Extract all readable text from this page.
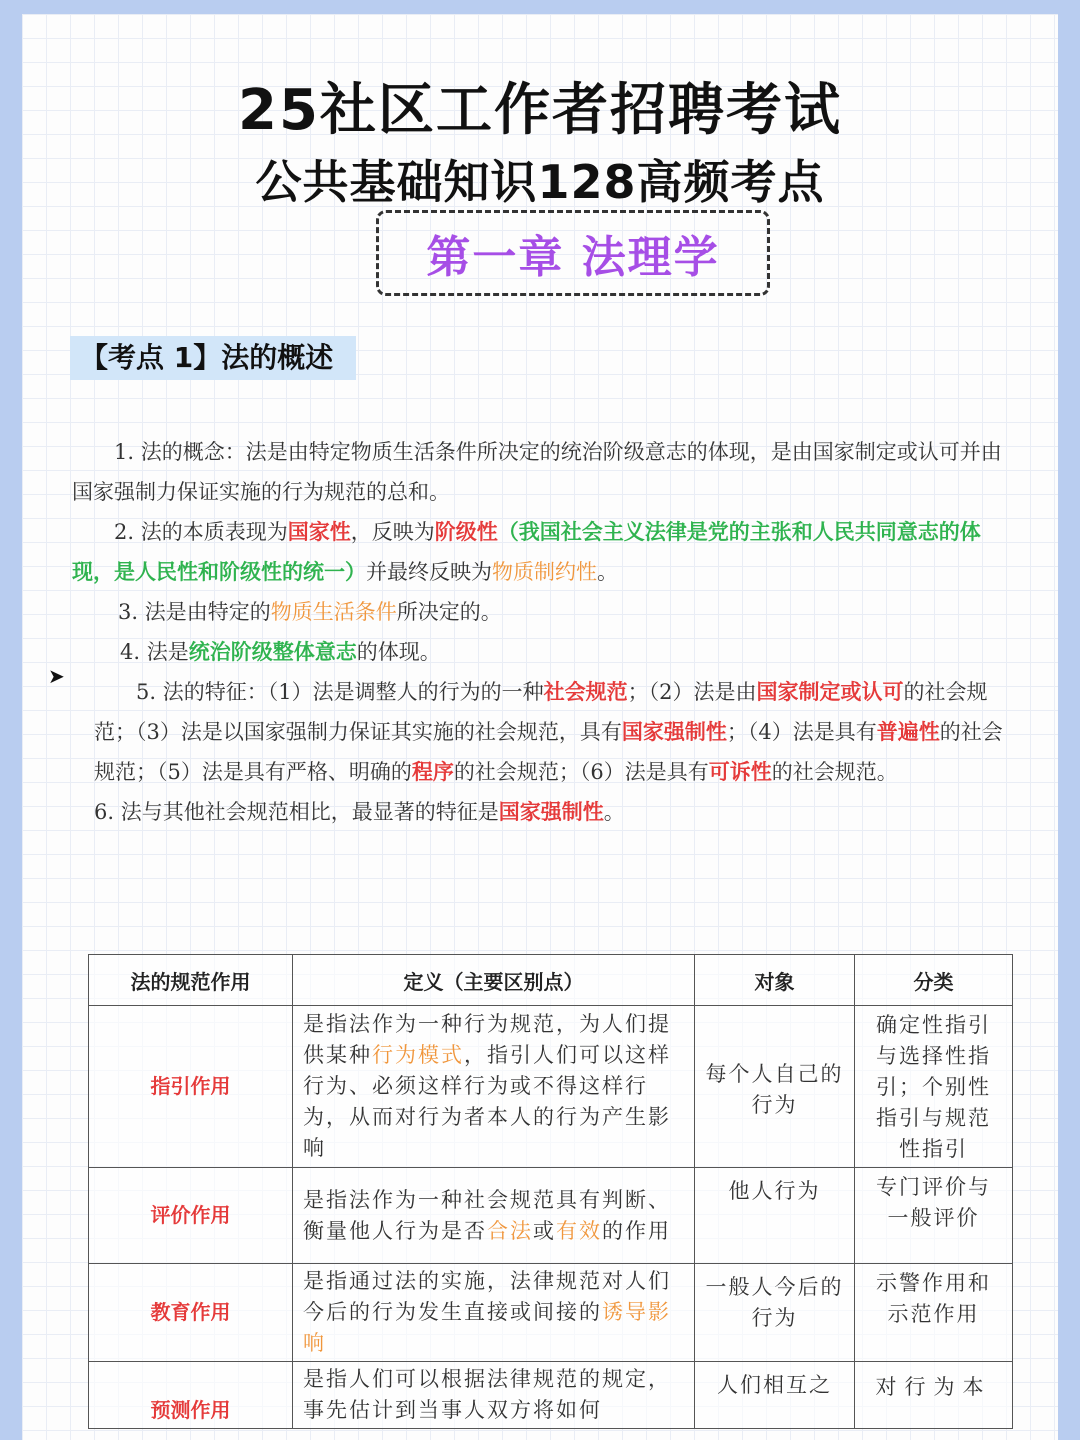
25社区工作者招聘考试
公共基础知识128高频考点
第一章 法理学
【考点 1】法的概述
➤

1. 法的概念：法是由特定物质生活条件所决定的统治阶级意志的体现，是由国家制定或认可并由国家强制力保证实施的行为规范的总和。

2. 法的本质表现为国家性，反映为阶级性（我国社会主义法律是党的主张和人民共同意志的体现，是人民性和阶级性的统一）并最终反映为物质制约性。

3. 法是由特定的物质生活条件所决定的。

4. 法是统治阶级整体意志的体现。

5. 法的特征：（1）法是调整人的行为的一种社会规范；（2）法是由国家制定或认可的社会规范；（3）法是以国家强制力保证其实施的社会规范，具有国家强制性；（4）法是具有普遍性的社会规范；（5）法是具有严格、明确的程序的社会规范；（6）法是具有可诉性的社会规范。

6. 法与其他社会规范相比，最显著的特征是国家强制性。

法的规范作用	定义（主要区别点）	对象	分类
指引作用	是指法作为一种行为规范，为人们提供某种行为模式，指引人们可以这样行为、必须这样行为或不得这样行为，从而对行为者本人的行为产生影响	每个人自己的行为	确定性指引与选择性指引；个别性指引与规范性指引
评价作用	是指法作为一种社会规范具有判断、衡量他人行为是否合法或有效的作用	他人行为	专门评价与一般评价
教育作用	是指通过法的实施，法律规范对人们今后的行为发生直接或间接的诱导影响	一般人今后的行为	示警作用和示范作用
预测作用	是指人们可以根据法律规范的规定，事先估计到当事人双方将如何	人们相互之	对行为本
